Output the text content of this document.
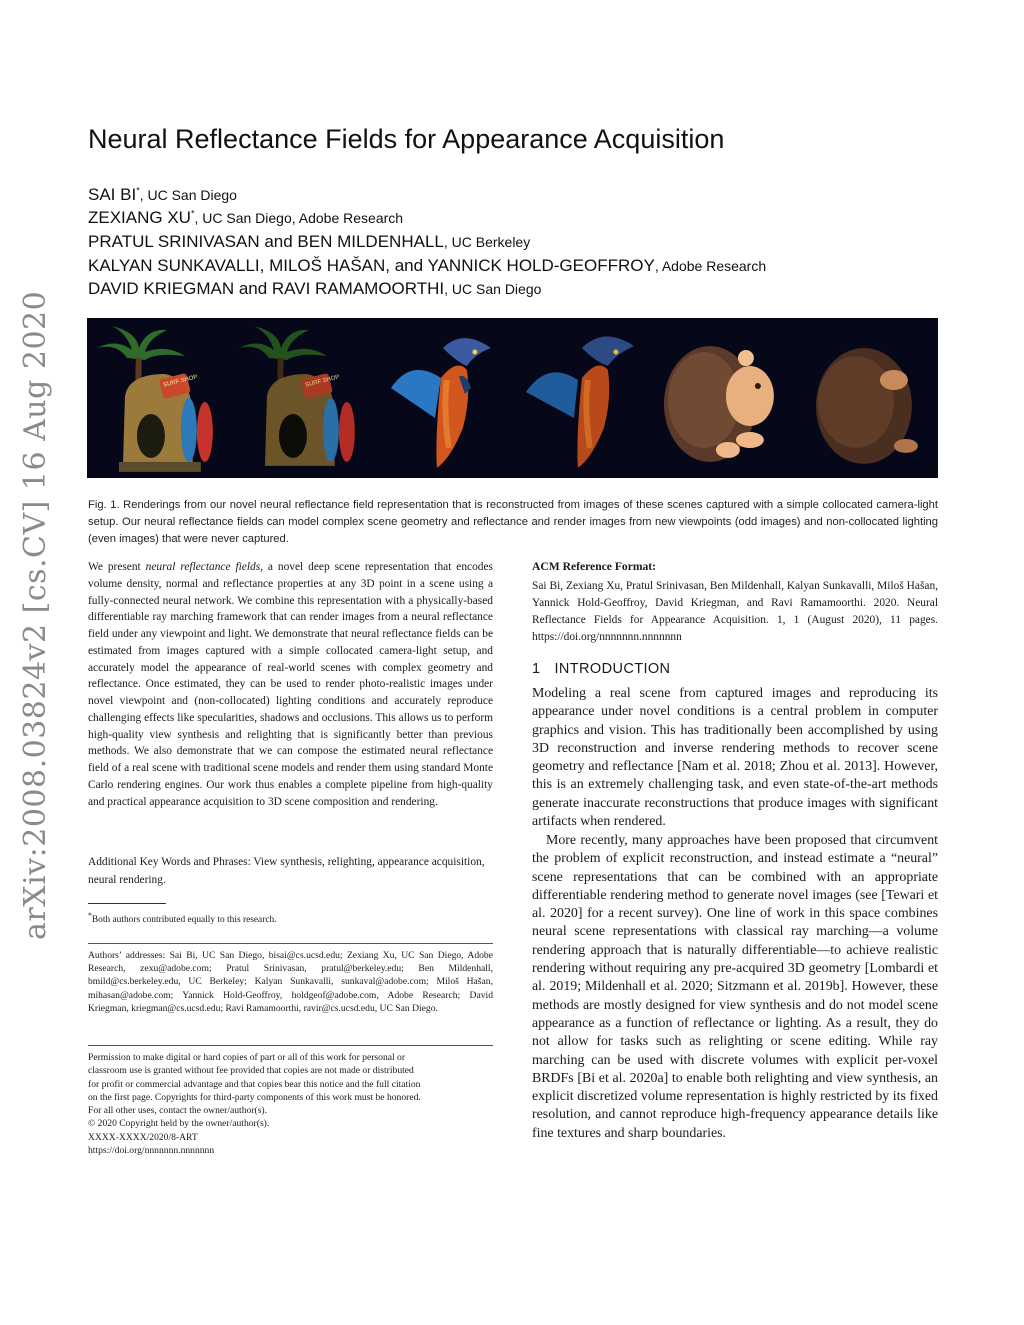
arXiv:2008.03824v2 [cs.CV] 16 Aug 2020
Neural Reflectance Fields for Appearance Acquisition
SAI BI*, UC San Diego
ZEXIANG XU*, UC San Diego, Adobe Research
PRATUL SRINIVASAN and BEN MILDENHALL, UC Berkeley
KALYAN SUNKAVALLI, MILOŠ HAŠAN, and YANNICK HOLD-GEOFFROY, Adobe Research
DAVID KRIEGMAN and RAVI RAMAMOORTHI, UC San Diego
SURF SHOP	SURF SHOP
Fig. 1. Renderings from our novel neural reflectance field representation that is reconstructed from images of these scenes captured with a simple collocated camera-light setup. Our neural reflectance fields can model complex scene geometry and reflectance and render images from new viewpoints (odd images) and non-collocated lighting (even images) that were never captured.
We present neural reflectance fields, a novel deep scene representation that encodes volume density, normal and reflectance properties at any 3D point in a scene using a fully-connected neural network. We combine this representation with a physically-based differentiable ray marching framework that can render images from a neural reflectance field under any viewpoint and light. We demonstrate that neural reflectance fields can be estimated from images captured with a simple collocated camera-light setup, and accurately model the appearance of real-world scenes with complex geometry and reflectance. Once estimated, they can be used to render photo-realistic images under novel viewpoint and (non-collocated) lighting conditions and accurately reproduce challenging effects like specularities, shadows and occlusions. This allows us to perform high-quality view synthesis and relighting that is significantly better than previous methods. We also demonstrate that we can compose the estimated neural reflectance field of a real scene with traditional scene models and render them using standard Monte Carlo rendering engines. Our work thus enables a complete pipeline from high-quality and practical appearance acquisition to 3D scene composition and rendering.
Additional Key Words and Phrases: View synthesis, relighting, appearance acquisition, neural rendering.
*Both authors contributed equally to this research.
Authors’ addresses: Sai Bi, UC San Diego, bisai@cs.ucsd.edu; Zexiang Xu, UC San Diego, Adobe Research, zexu@adobe.com; Pratul Srinivasan, pratul@berkeley.edu; Ben Mildenhall, bmild@cs.berkeley.edu, UC Berkeley; Kalyan Sunkavalli, sunkaval@adobe.com; Miloš Hašan, mihasan@adobe.com; Yannick Hold-Geoffroy, holdgeof@adobe.com, Adobe Research; David Kriegman, kriegman@cs.ucsd.edu; Ravi Ramamoorthi, ravir@cs.ucsd.edu, UC San Diego.
Permission to make digital or hard copies of part or all of this work for personal or
classroom use is granted without fee provided that copies are not made or distributed
for profit or commercial advantage and that copies bear this notice and the full citation
on the first page. Copyrights for third-party components of this work must be honored.
For all other uses, contact the owner/author(s).
© 2020 Copyright held by the owner/author(s).
XXXX-XXXX/2020/8-ART
https://doi.org/nnnnnnn.nnnnnnn
ACM Reference Format:
Sai Bi, Zexiang Xu, Pratul Srinivasan, Ben Mildenhall, Kalyan Sunkavalli, Miloš Hašan, Yannick Hold-Geoffroy, David Kriegman, and Ravi Ramamoorthi. 2020. Neural Reflectance Fields for Appearance Acquisition. 1, 1 (August 2020), 11 pages. https://doi.org/nnnnnnn.nnnnnnn
1 INTRODUCTION
Modeling a real scene from captured images and reproducing its appearance under novel conditions is a central problem in computer graphics and vision. This has traditionally been accomplished by using 3D reconstruction and inverse rendering methods to recover scene geometry and reflectance [Nam et al. 2018; Zhou et al. 2013]. However, this is an extremely challenging task, and even state-of-the-art methods generate inaccurate reconstructions that produce images with significant artifacts when rendered.
More recently, many approaches have been proposed that circumvent the problem of explicit reconstruction, and instead estimate a “neural” scene representations that can be combined with an appropriate differentiable rendering method to generate novel images (see [Tewari et al. 2020] for a recent survey). One line of work in this space combines neural scene representations with classical ray marching—a volume rendering approach that is naturally differentiable—to achieve realistic rendering without requiring any pre-acquired 3D geometry [Lombardi et al. 2019; Mildenhall et al. 2020; Sitzmann et al. 2019b]. However, these methods are mostly designed for view synthesis and do not model scene appearance as a function of reflectance or lighting. As a result, they do not allow for tasks such as relighting or scene editing. While ray marching can be used with discrete volumes with explicit per-voxel BRDFs [Bi et al. 2020a] to enable both relighting and view synthesis, an explicit discretized volume representation is highly restricted by its fixed resolution, and cannot reproduce high-frequency appearance details like fine textures and sharp boundaries.
